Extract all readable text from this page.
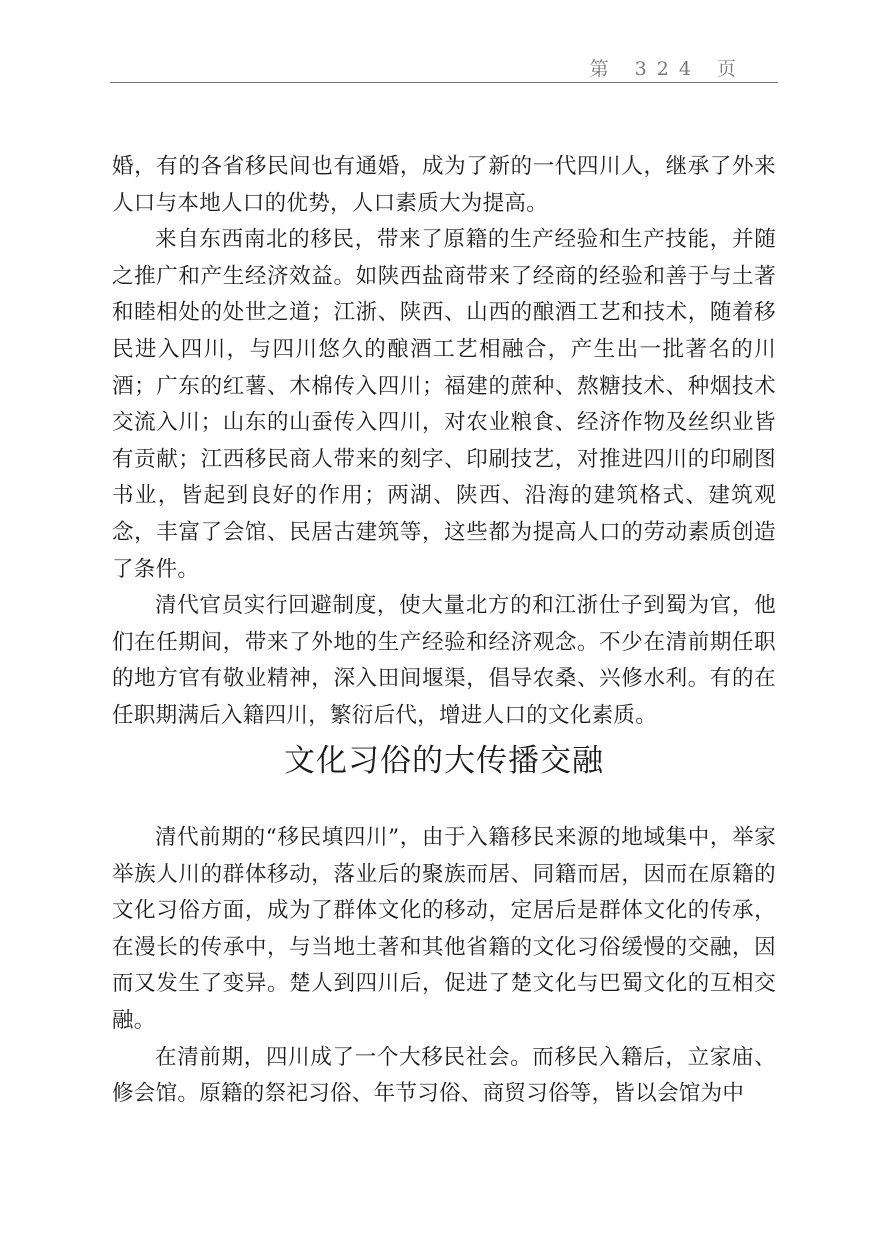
第 324 页

婚，有的各省移民间也有通婚，成为了新的一代四川人，继承了外来人口与本地人口的优势，人口素质大为提高。

来自东西南北的移民，带来了原籍的生产经验和生产技能，并随之推广和产生经济效益。如陕西盐商带来了经商的经验和善于与土著和睦相处的处世之道；江浙、陕西、山西的酿酒工艺和技术，随着移民进入四川，与四川悠久的酿酒工艺相融合，产生出一批著名的川酒；广东的红薯、木棉传入四川；福建的蔗种、熬糖技术、种烟技术交流入川；山东的山蚕传入四川，对农业粮食、经济作物及丝织业皆有贡献；江西移民商人带来的刻字、印刷技艺，对推进四川的印刷图书业，皆起到良好的作用；两湖、陕西、沿海的建筑格式、建筑观念，丰富了会馆、民居古建筑等，这些都为提高人口的劳动素质创造了条件。

清代官员实行回避制度，使大量北方的和江浙仕子到蜀为官，他们在任期间，带来了外地的生产经验和经济观念。不少在清前期任职的地方官有敬业精神，深入田间堰渠，倡导农桑、兴修水利。有的在任职期满后入籍四川，繁衍后代，增进人口的文化素质。

文化习俗的大传播交融

清代前期的“移民填四川”，由于入籍移民来源的地域集中，举家举族人川的群体移动，落业后的聚族而居、同籍而居，因而在原籍的文化习俗方面，成为了群体文化的移动，定居后是群体文化的传承，在漫长的传承中，与当地土著和其他省籍的文化习俗缓慢的交融，因而又发生了变异。楚人到四川后，促进了楚文化与巴蜀文化的互相交融。

在清前期，四川成了一个大移民社会。而移民入籍后，立家庙、修会馆。原籍的祭祀习俗、年节习俗、商贸习俗等，皆以会馆为中
